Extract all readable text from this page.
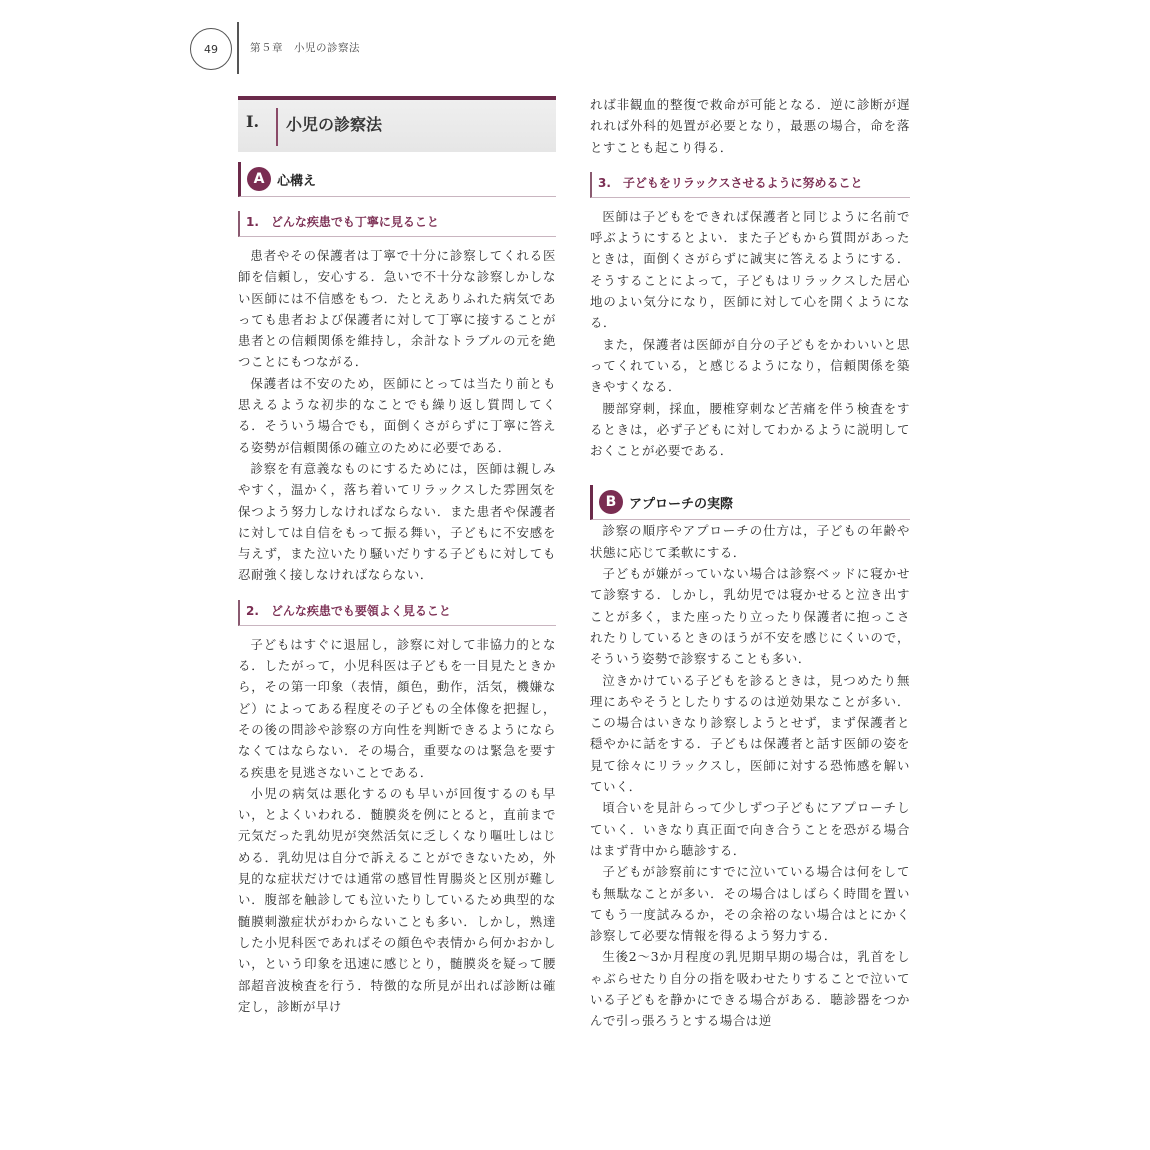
49	第５章　小児の診察法
I. 小児の診察法
A 心構え
1.　どんな疾患でも丁寧に見ること

患者やその保護者は丁寧で十分に診察してくれる医師を信頼し，安心する．急いで不十分な診察しかしない医師には不信感をもつ．たとえありふれた病気であっても患者および保護者に対して丁寧に接することが患者との信頼関係を維持し，余計なトラブルの元を絶つことにもつながる．

保護者は不安のため，医師にとっては当たり前とも思えるような初歩的なことでも繰り返し質問してくる．そういう場合でも，面倒くさがらずに丁寧に答える姿勢が信頼関係の確立のために必要である．

診察を有意義なものにするためには，医師は親しみやすく，温かく，落ち着いてリラックスした雰囲気を保つよう努力しなければならない．また患者や保護者に対しては自信をもって振る舞い，子どもに不安感を与えず，また泣いたり騒いだりする子どもに対しても忍耐強く接しなければならない．

2.　どんな疾患でも要領よく見ること

子どもはすぐに退屈し，診察に対して非協力的となる．したがって，小児科医は子どもを一目見たときから，その第一印象（表情，顔色，動作，活気，機嫌など）によってある程度その子どもの全体像を把握し，その後の問診や診察の方向性を判断できるようにならなくてはならない．その場合，重要なのは緊急を要する疾患を見逃さないことである．

小児の病気は悪化するのも早いが回復するのも早い，とよくいわれる．髄膜炎を例にとると，直前まで元気だった乳幼児が突然活気に乏しくなり嘔吐しはじめる．乳幼児は自分で訴えることができないため，外見的な症状だけでは通常の感冒性胃腸炎と区別が難しい．腹部を触診しても泣いたりしているため典型的な髄膜刺激症状がわからないことも多い．しかし，熟達した小児科医であればその顔色や表情から何かおかしい，という印象を迅速に感じとり，髄膜炎を疑って腰部超音波検査を行う．特徴的な所見が出れば診断は確定し，診断が早け

れば非観血的整復で救命が可能となる．逆に診断が遅れれば外科的処置が必要となり，最悪の場合，命を落とすことも起こり得る．

3.　子どもをリラックスさせるように努めること

医師は子どもをできれば保護者と同じように名前で呼ぶようにするとよい．また子どもから質問があったときは，面倒くさがらずに誠実に答えるようにする．そうすることによって，子どもはリラックスした居心地のよい気分になり，医師に対して心を開くようになる．

また，保護者は医師が自分の子どもをかわいいと思ってくれている，と感じるようになり，信頼関係を築きやすくなる．

腰部穿刺，採血，腰椎穿刺など苦痛を伴う検査をするときは，必ず子どもに対してわかるように説明しておくことが必要である．

B アプローチの実際

診察の順序やアプローチの仕方は，子どもの年齢や状態に応じて柔軟にする．

子どもが嫌がっていない場合は診察ベッドに寝かせて診察する．しかし，乳幼児では寝かせると泣き出すことが多く，また座ったり立ったり保護者に抱っこされたりしているときのほうが不安を感じにくいので，そういう姿勢で診察することも多い．

泣きかけている子どもを診るときは，見つめたり無理にあやそうとしたりするのは逆効果なことが多い．この場合はいきなり診察しようとせず，まず保護者と穏やかに話をする．子どもは保護者と話す医師の姿を見て徐々にリラックスし，医師に対する恐怖感を解いていく．

頃合いを見計らって少しずつ子どもにアプローチしていく．いきなり真正面で向き合うことを恐がる場合はまず背中から聴診する．

子どもが診察前にすでに泣いている場合は何をしても無駄なことが多い．その場合はしばらく時間を置いてもう一度試みるか，その余裕のない場合はとにかく診察して必要な情報を得るよう努力する．

生後2～3か月程度の乳児期早期の場合は，乳首をしゃぶらせたり自分の指を吸わせたりすることで泣いている子どもを静かにできる場合がある．聴診器をつかんで引っ張ろうとする場合は逆
